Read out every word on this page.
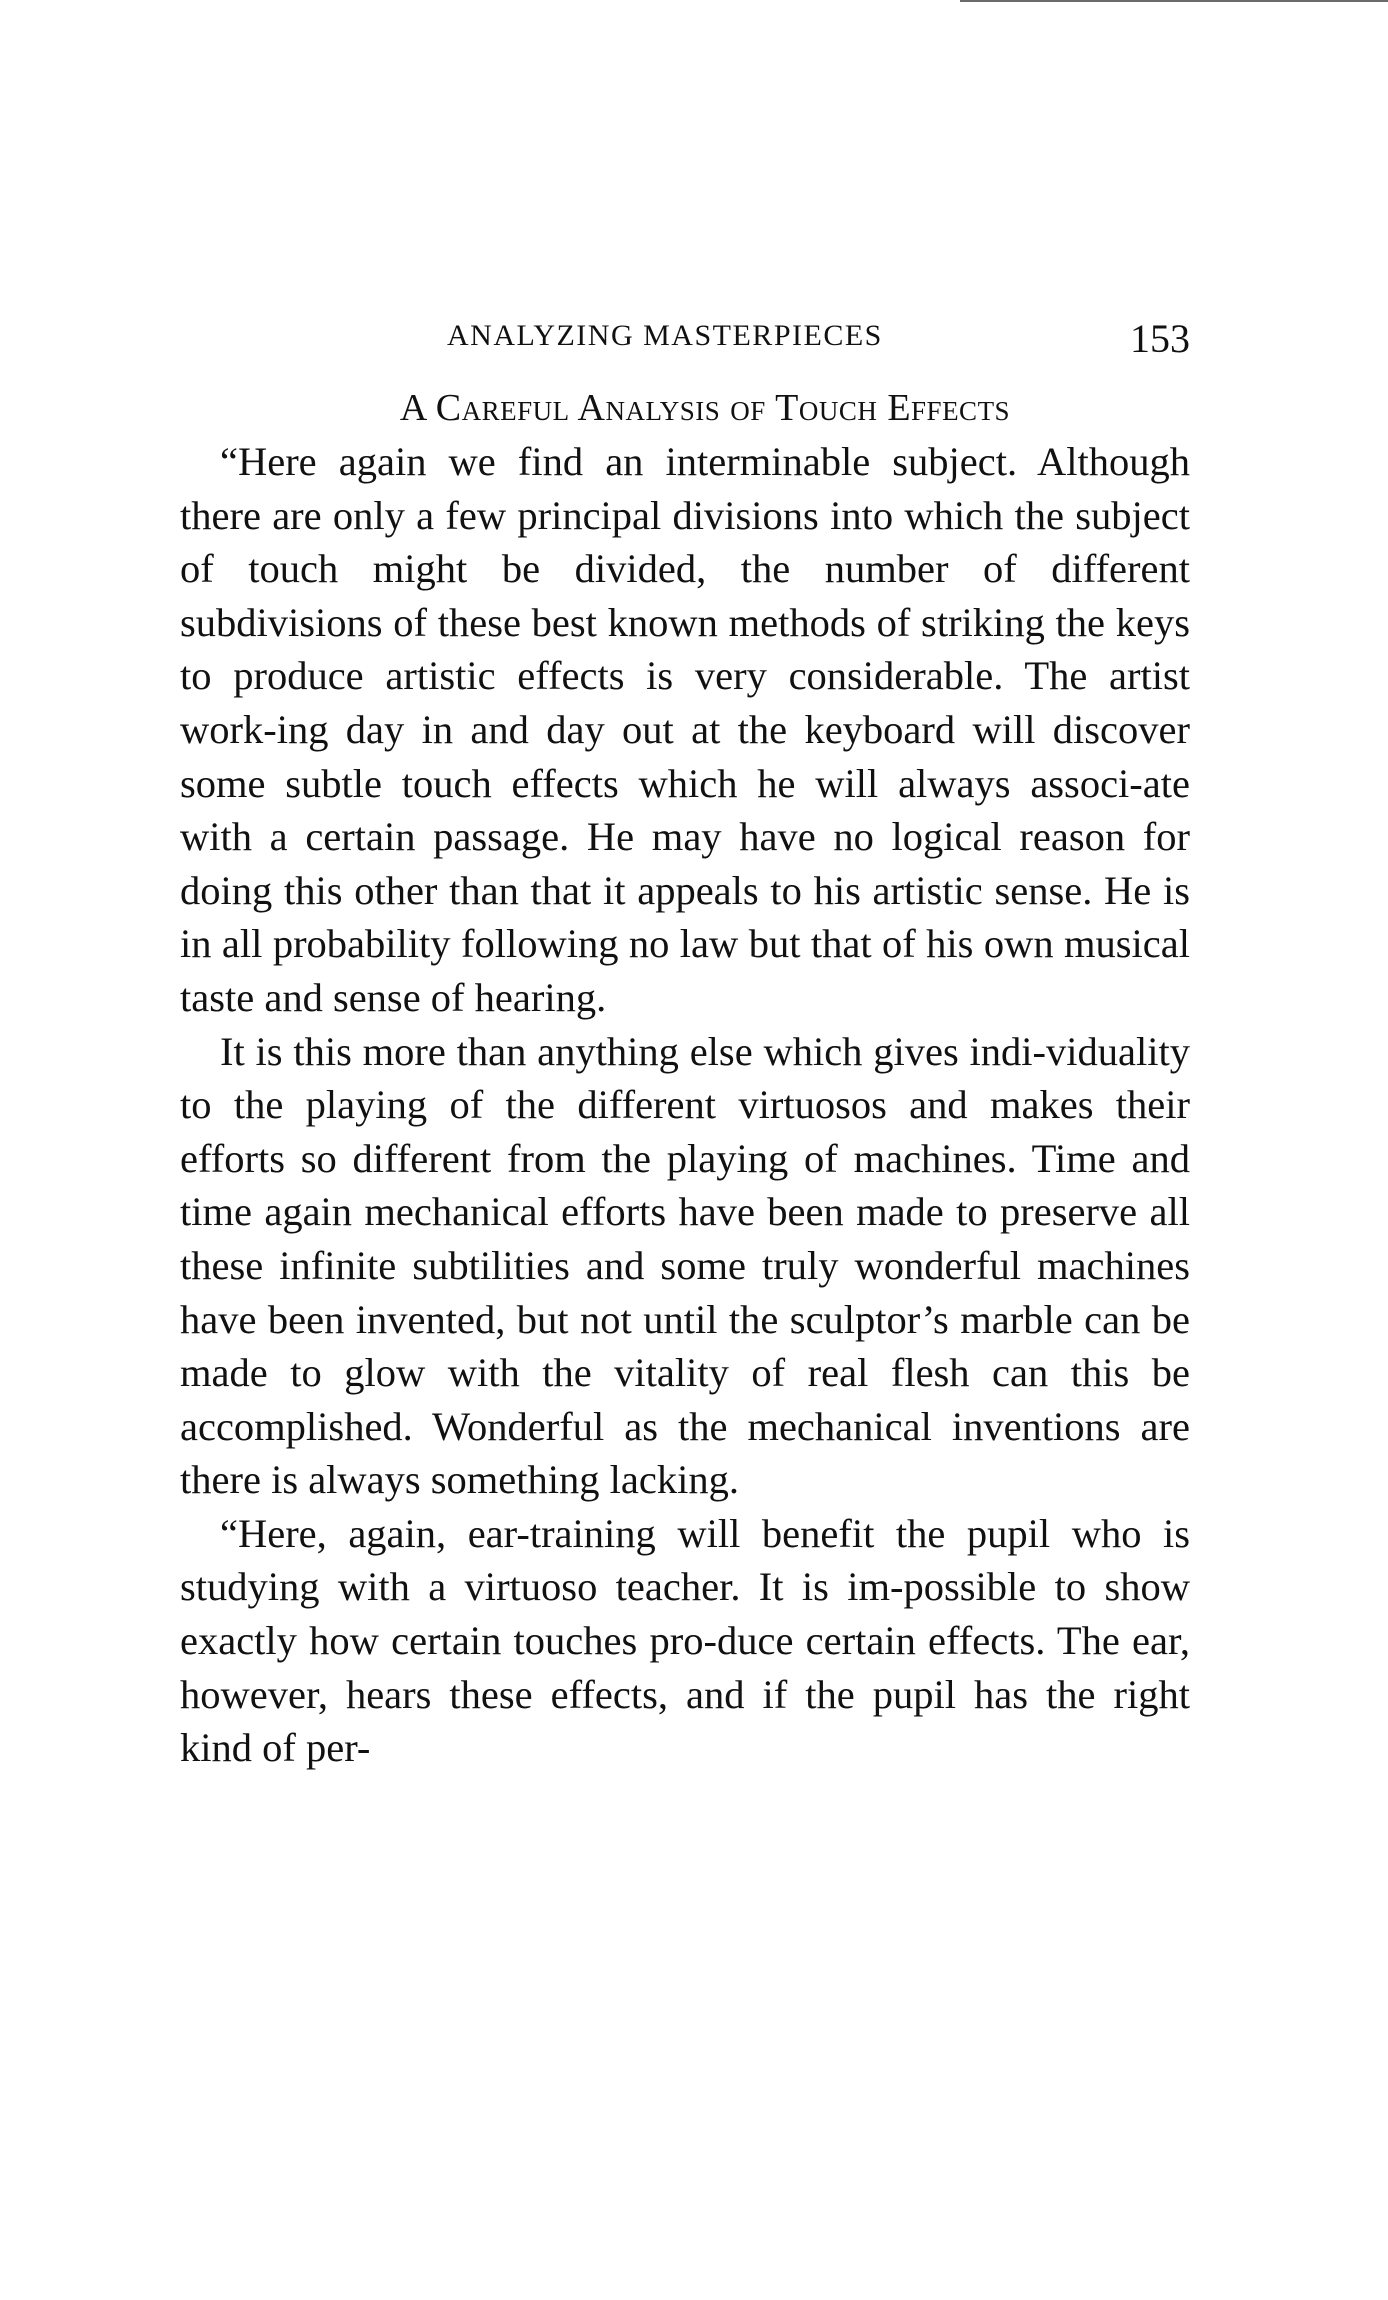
ANALYZING MASTERPIECES	153
A Careful Analysis of Touch Effects

“Here again we find an interminable subject. Although there are only a few principal divisions into which the subject of touch might be divided, the number of different subdivisions of these best known methods of striking the keys to produce artistic effects is very considerable. The artist work-ing day in and day out at the keyboard will discover some subtle touch effects which he will always associ-ate with a certain passage. He may have no logical reason for doing this other than that it appeals to his artistic sense. He is in all probability following no law but that of his own musical taste and sense of hearing.

It is this more than anything else which gives indi-viduality to the playing of the different virtuosos and makes their efforts so different from the playing of machines. Time and time again mechanical efforts have been made to preserve all these infinite subtilities and some truly wonderful machines have been invented, but not until the sculptor’s marble can be made to glow with the vitality of real flesh can this be accomplished. Wonderful as the mechanical inventions are there is always something lacking.

“Here, again, ear-training will benefit the pupil who is studying with a virtuoso teacher. It is im-possible to show exactly how certain touches pro-duce certain effects. The ear, however, hears these effects, and if the pupil has the right kind of per-
